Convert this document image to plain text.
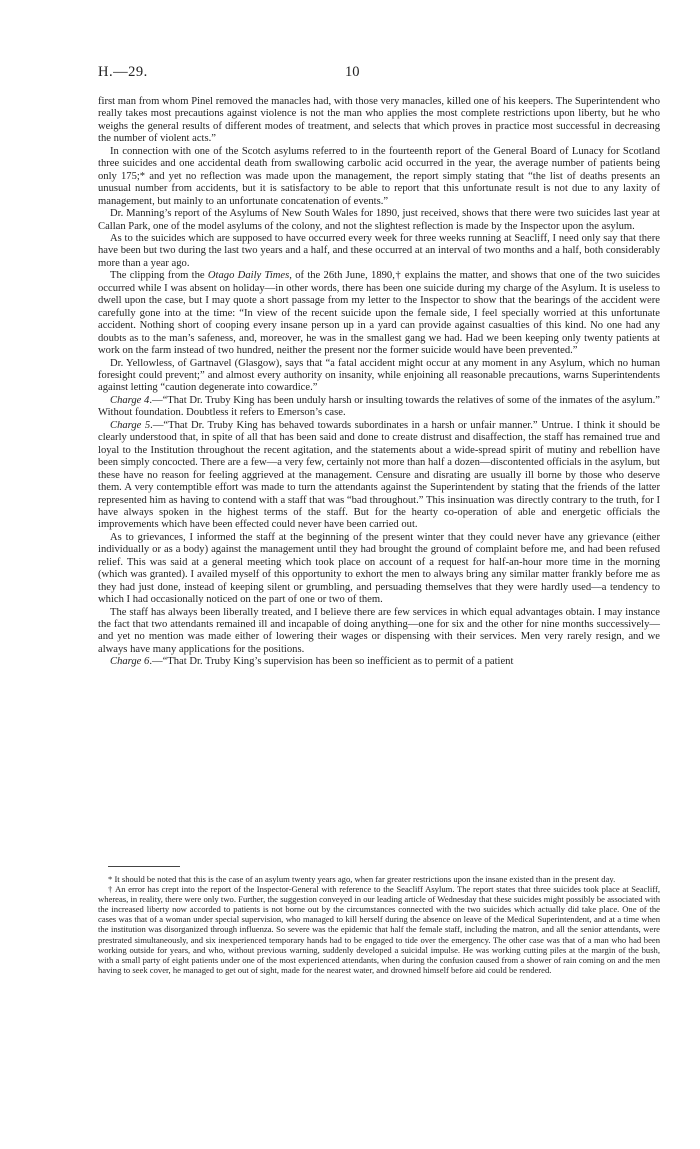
H.—29.	10

first man from whom Pinel removed the manacles had, with those very manacles, killed one of his keepers. The Superintendent who really takes most precautions against violence is not the man who applies the most complete restrictions upon liberty, but he who weighs the general results of different modes of treatment, and selects that which proves in practice most successful in decreasing the number of violent acts.”

In connection with one of the Scotch asylums referred to in the fourteenth report of the General Board of Lunacy for Scotland three suicides and one accidental death from swallowing carbolic acid occurred in the year, the average number of patients being only 175;* and yet no reflection was made upon the management, the report simply stating that “the list of deaths presents an unusual number from accidents, but it is satisfactory to be able to report that this unfortunate result is not due to any laxity of management, but mainly to an unfortunate concatenation of events.”

Dr. Manning’s report of the Asylums of New South Wales for 1890, just received, shows that there were two suicides last year at Callan Park, one of the model asylums of the colony, and not the slightest reflection is made by the Inspector upon the asylum.

As to the suicides which are supposed to have occurred every week for three weeks running at Seacliff, I need only say that there have been but two during the last two years and a half, and these occurred at an interval of two months and a half, both considerably more than a year ago.

The clipping from the Otago Daily Times, of the 26th June, 1890,† explains the matter, and shows that one of the two suicides occurred while I was absent on holiday—in other words, there has been one suicide during my charge of the Asylum. It is useless to dwell upon the case, but I may quote a short passage from my letter to the Inspector to show that the bearings of the accident were carefully gone into at the time: “In view of the recent suicide upon the female side, I feel specially worried at this unfortunate accident. Nothing short of cooping every insane person up in a yard can provide against casualties of this kind. No one had any doubts as to the man’s safeness, and, moreover, he was in the smallest gang we had. Had we been keeping only twenty patients at work on the farm instead of two hundred, neither the present nor the former suicide would have been prevented.”

Dr. Yellowless, of Gartnavel (Glasgow), says that “a fatal accident might occur at any moment in any Asylum, which no human foresight could prevent;” and almost every authority on insanity, while enjoining all reasonable precautions, warns Superintendents against letting “caution degenerate into cowardice.”

Charge 4.—“That Dr. Truby King has been unduly harsh or insulting towards the relatives of some of the inmates of the asylum.” Without foundation. Doubtless it refers to Emerson’s case.

Charge 5.—“That Dr. Truby King has behaved towards subordinates in a harsh or unfair manner.” Untrue. I think it should be clearly understood that, in spite of all that has been said and done to create distrust and disaffection, the staff has remained true and loyal to the Institution throughout the recent agitation, and the statements about a wide-spread spirit of mutiny and rebellion have been simply concocted. There are a few—a very few, certainly not more than half a dozen—discontented officials in the asylum, but these have no reason for feeling aggrieved at the management. Censure and disrating are usually ill borne by those who deserve them. A very contemptible effort was made to turn the attendants against the Superintendent by stating that the friends of the latter represented him as having to contend with a staff that was “bad throughout.” This insinuation was directly contrary to the truth, for I have always spoken in the highest terms of the staff. But for the hearty co-operation of able and energetic officials the improvements which have been effected could never have been carried out.

As to grievances, I informed the staff at the beginning of the present winter that they could never have any grievance (either individually or as a body) against the management until they had brought the ground of complaint before me, and had been refused relief. This was said at a general meeting which took place on account of a request for half-an-hour more time in the morning (which was granted). I availed myself of this opportunity to exhort the men to always bring any similar matter frankly before me as they had just done, instead of keeping silent or grumbling, and persuading themselves that they were hardly used—a tendency to which I had occasionally noticed on the part of one or two of them.

The staff has always been liberally treated, and I believe there are few services in which equal advantages obtain. I may instance the fact that two attendants remained ill and incapable of doing anything—one for six and the other for nine months successively—and yet no mention was made either of lowering their wages or dispensing with their services. Men very rarely resign, and we always have many applications for the positions.

Charge 6.—“That Dr. Truby King’s supervision has been so inefficient as to permit of a patient

* It should be noted that this is the case of an asylum twenty years ago, when far greater restrictions upon the insane existed than in the present day.

† An error has crept into the report of the Inspector-General with reference to the Seacliff Asylum. The report states that three suicides took place at Seacliff, whereas, in reality, there were only two. Further, the suggestion conveyed in our leading article of Wednesday that these suicides might possibly be associated with the increased liberty now accorded to patients is not borne out by the circumstances connected with the two suicides which actually did take place. One of the cases was that of a woman under special supervision, who managed to kill herself during the absence on leave of the Medical Superintendent, and at a time when the institution was disorganized through influenza. So severe was the epidemic that half the female staff, including the matron, and all the senior attendants, were prestrated simultaneously, and six inexperienced temporary hands had to be engaged to tide over the emergency. The other case was that of a man who had been working outside for years, and who, without previous warning, suddenly developed a suicidal impulse. He was working cutting piles at the margin of the bush, with a small party of eight patients under one of the most experienced attendants, when during the confusion caused from a shower of rain coming on and the men having to seek cover, he managed to get out of sight, made for the nearest water, and drowned himself before aid could be rendered.
